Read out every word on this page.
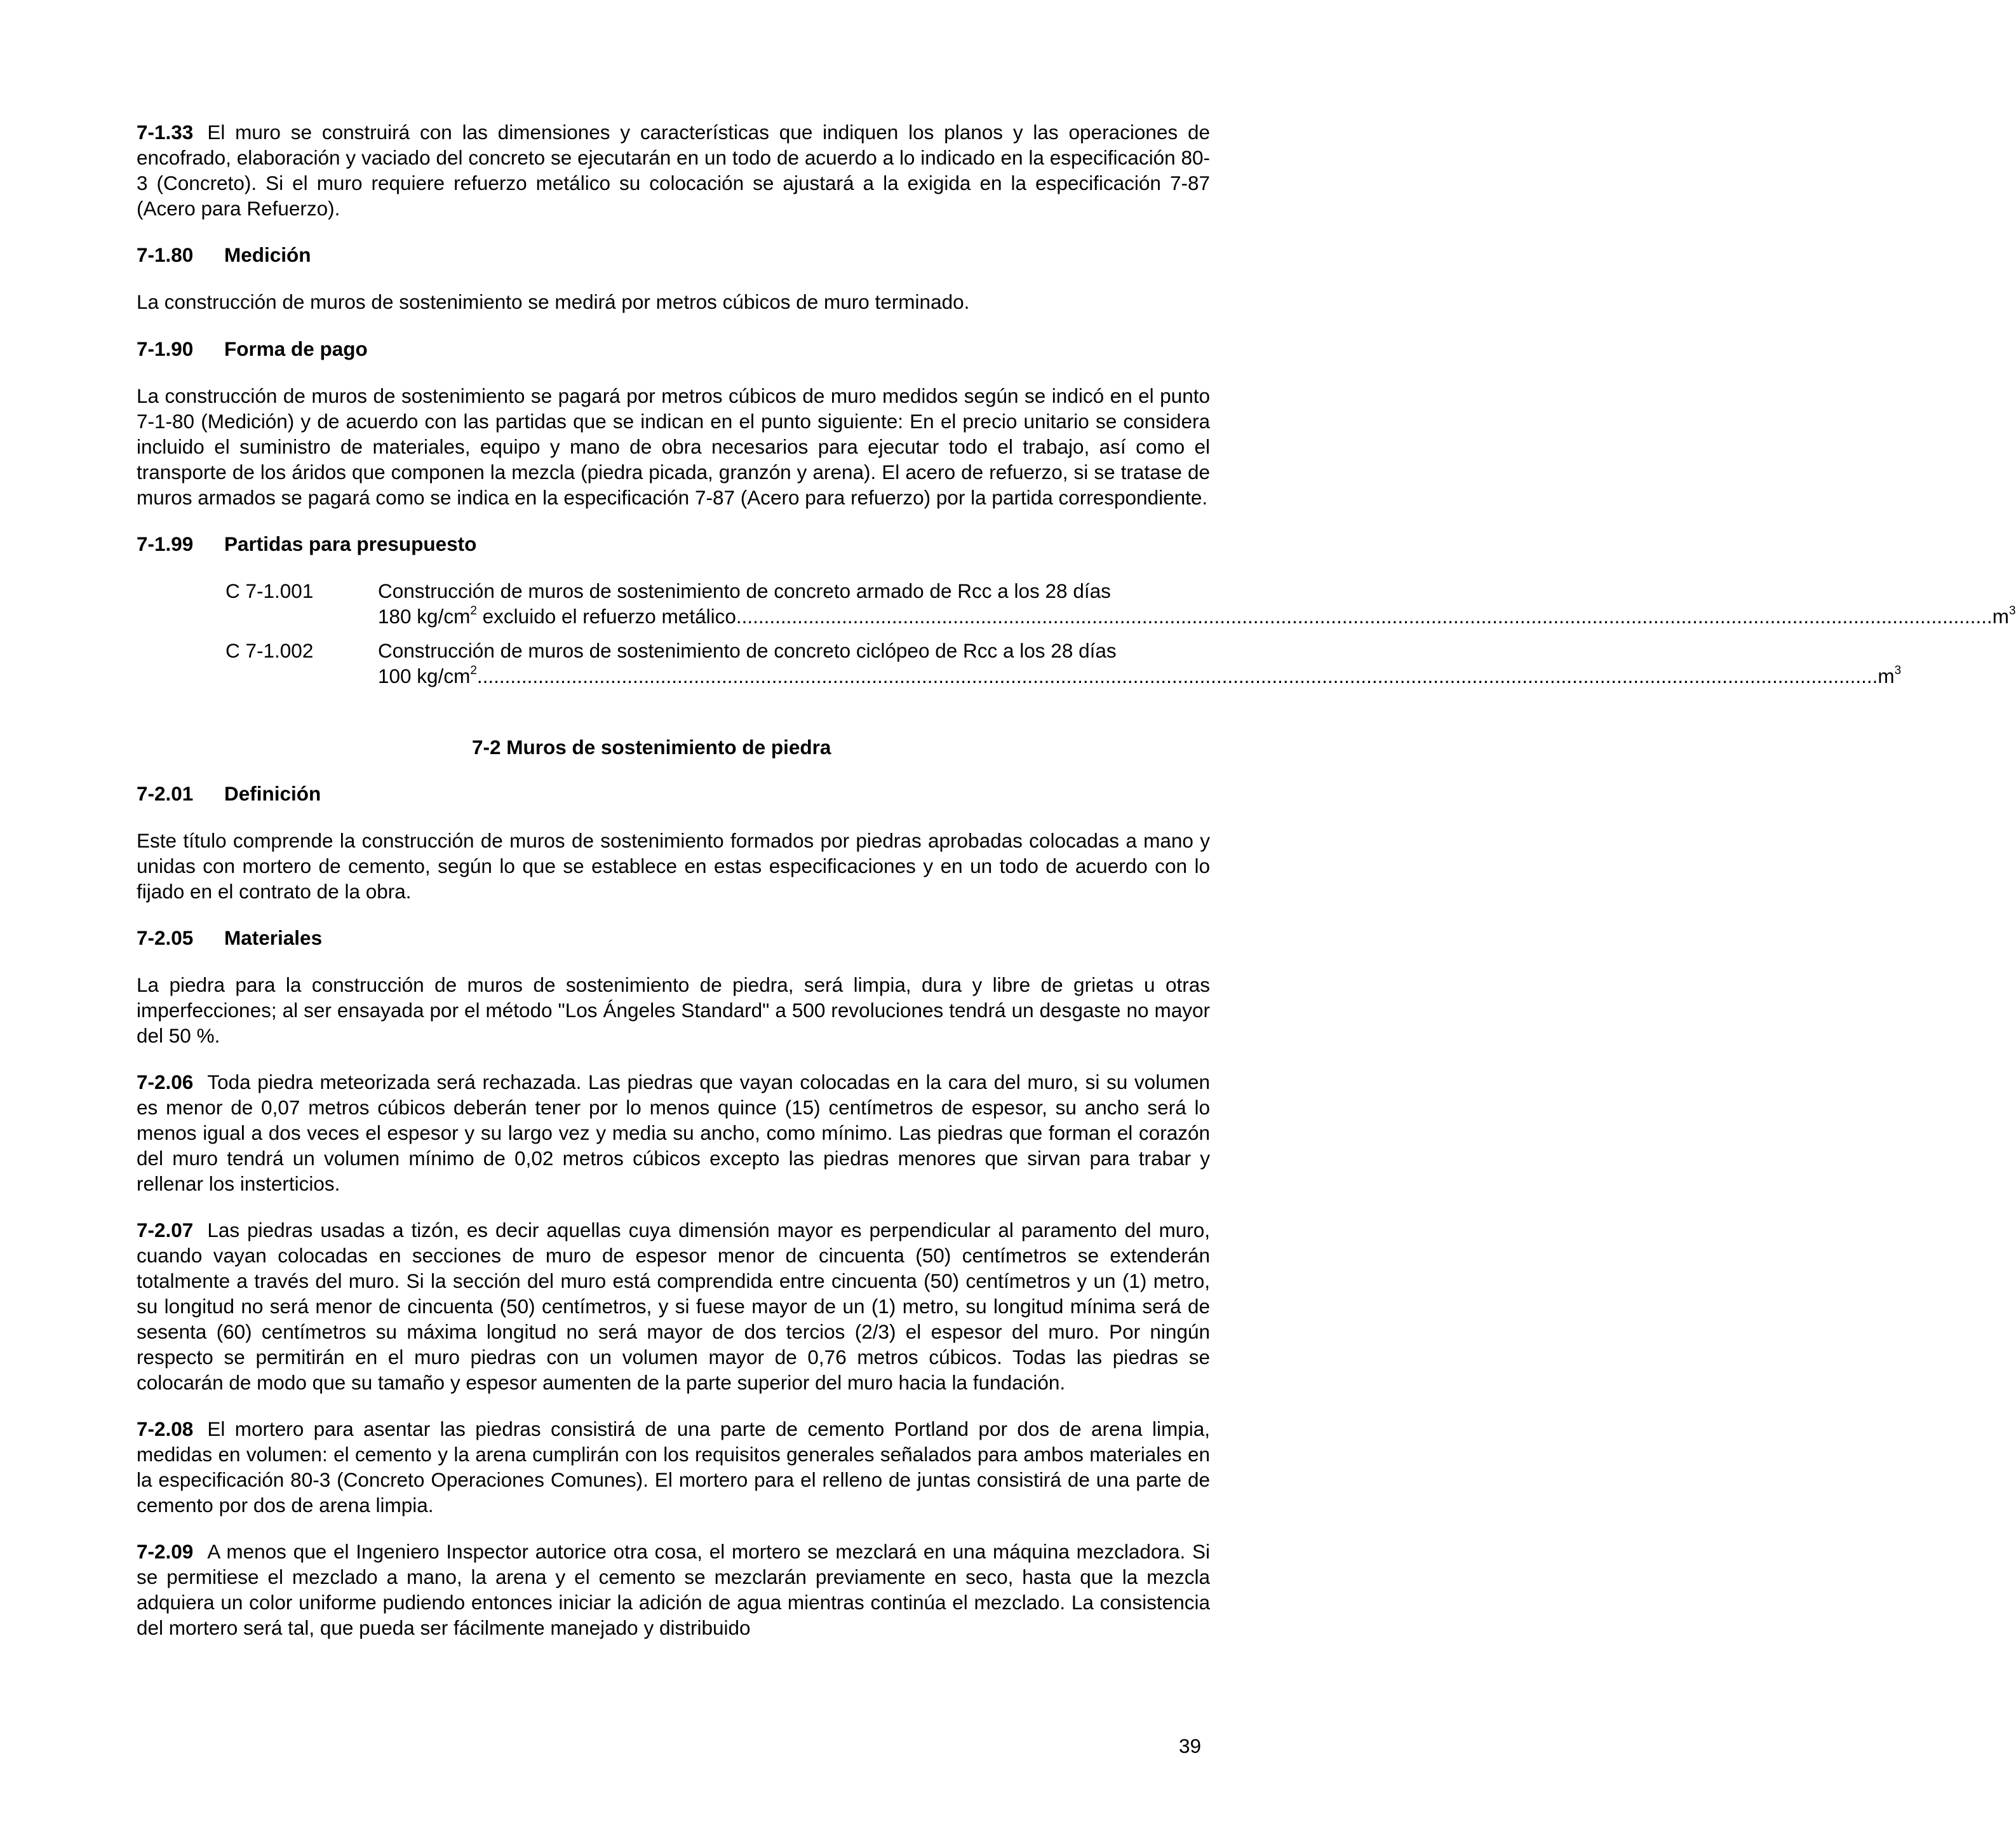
7-1.33 El muro se construirá con las dimensiones y características que indiquen los planos y las operaciones de encofrado, elaboración y vaciado del concreto se ejecutarán en un todo de acuerdo a lo indicado en la especificación 80-3 (Concreto). Si el muro requiere refuerzo metálico su colocación se ajustará a la exigida en la especificación 7-87 (Acero para Refuerzo).

7-1.80 Medición

La construcción de muros de sostenimiento se medirá por metros cúbicos de muro terminado.

7-1.90 Forma de pago

La construcción de muros de sostenimiento se pagará por metros cúbicos de muro medidos según se indicó en el punto 7-1-80 (Medición) y de acuerdo con las partidas que se indican en el punto siguiente: En el precio unitario se considera incluido el suministro de materiales, equipo y mano de obra necesarios para ejecutar todo el trabajo, así como el transporte de los áridos que componen la mezcla (piedra picada, granzón y arena). El acero de refuerzo, si se tratase de muros armados se pagará como se indica en la especificación 7-87 (Acero para refuerzo) por la partida correspondiente.

7-1.99 Partidas para presupuesto
C 7-1.001	Construcción de muros de sostenimiento de concreto armado de Rcc a los 28 días
180 $kg/cm^2$ excluido el refuerzo metálico .................................................................................................................................................................................................................................. $m^3$
C 7-1.002	Construcción de muros de sostenimiento de concreto ciclópeo de Rcc a los 28 días
100 $kg/cm^2$ ............................................................................................................................................................................................................................................................ $m^3$
7-2 Muros de sostenimiento de piedra
7-2.01 Definición

Este título comprende la construcción de muros de sostenimiento formados por piedras aprobadas colocadas a mano y unidas con mortero de cemento, según lo que se establece en estas especificaciones y en un todo de acuerdo con lo fijado en el contrato de la obra.

7-2.05 Materiales

La piedra para la construcción de muros de sostenimiento de piedra, será limpia, dura y libre de grietas u otras imperfecciones; al ser ensayada por el método "Los Ángeles Standard" a 500 revoluciones tendrá un desgaste no mayor del 50 %.

7-2.06 Toda piedra meteorizada será rechazada. Las piedras que vayan colocadas en la cara del muro, si su volumen es menor de 0,07 metros cúbicos deberán tener por lo menos quince (15) centímetros de espesor, su ancho será lo menos igual a dos veces el espesor y su largo vez y media su ancho, como mínimo. Las piedras que forman el corazón del muro tendrá un volumen mínimo de 0,02 metros cúbicos excepto las piedras menores que sirvan para trabar y rellenar los insterticios.

7-2.07 Las piedras usadas a tizón, es decir aquellas cuya dimensión mayor es perpendicular al paramento del muro, cuando vayan colocadas en secciones de muro de espesor menor de cincuenta (50) centímetros se extenderán totalmente a través del muro. Si la sección del muro está comprendida entre cincuenta (50) centímetros y un (1) metro, su longitud no será menor de cincuenta (50) centímetros, y si fuese mayor de un (1) metro, su longitud mínima será de sesenta (60) centímetros su máxima longitud no será mayor de dos tercios (2/3) el espesor del muro. Por ningún respecto se permitirán en el muro piedras con un volumen mayor de 0,76 metros cúbicos. Todas las piedras se colocarán de modo que su tamaño y espesor aumenten de la parte superior del muro hacia la fundación.

7-2.08 El mortero para asentar las piedras consistirá de una parte de cemento Portland por dos de arena limpia, medidas en volumen: el cemento y la arena cumplirán con los requisitos generales señalados para ambos materiales en la especificación 80-3 (Concreto Operaciones Comunes). El mortero para el relleno de juntas consistirá de una parte de cemento por dos de arena limpia.

7-2.09 A menos que el Ingeniero Inspector autorice otra cosa, el mortero se mezclará en una máquina mezcladora. Si se permitiese el mezclado a mano, la arena y el cemento se mezclarán previamente en seco, hasta que la mezcla adquiera un color uniforme pudiendo entonces iniciar la adición de agua mientras continúa el mezclado. La consistencia del mortero será tal, que pueda ser fácilmente manejado y distribuido

39
